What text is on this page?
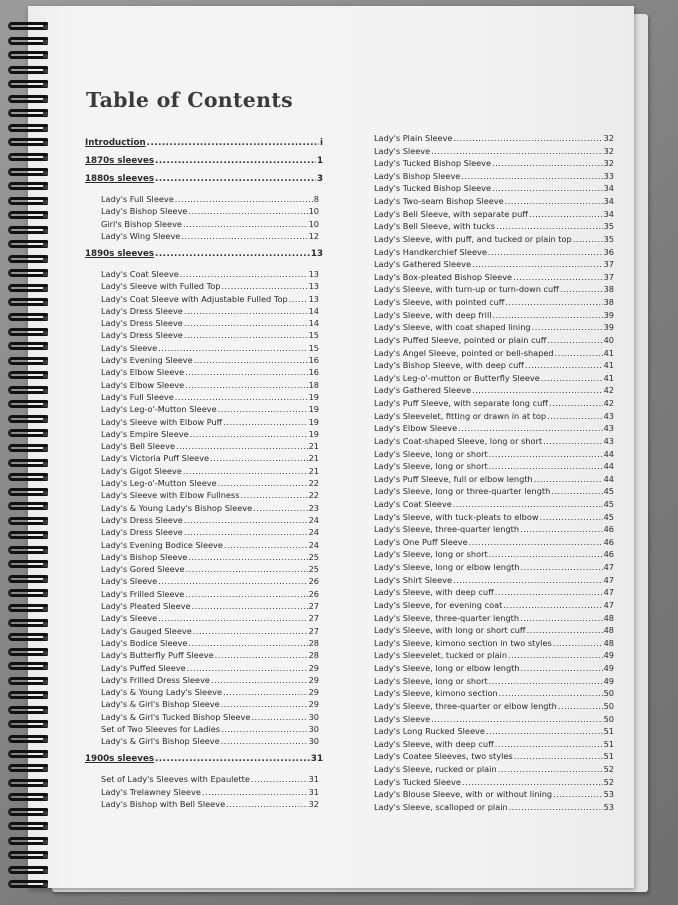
Table of Contents
Introduction .....	i
1870s sleeves .....	1
1880s sleeves .....	3
Lady's Full Sleeve .....	8
Lady's Bishop Sleeve .....	10
Girl's Bishop Sleeve .....	10
Lady's Wing Sleeve .....	12
1890s sleeves .....	13
Lady's Coat Sleeve .....	13
Lady's Sleeve with Fulled Top .....	13
Lady's Coat Sleeve with Adjustable Fulled Top .....	13
Lady's Dress Sleeve .....	14
Lady's Dress Sleeve .....	14
Lady's Dress Sleeve .....	15
Lady's Sleeve .....	15
Lady's Evening Sleeve .....	16
Lady's Elbow Sleeve .....	16
Lady's Elbow Sleeve .....	18
Lady's Full Sleeve .....	19
Lady's Leg-o'-Mutton Sleeve .....	19
Lady's Sleeve with Elbow Puff .....	19
Lady's Empire Sleeve .....	19
Lady's Bell Sleeve .....	21
Lady's Victoria Puff Sleeve .....	21
Lady's Gigot Sleeve .....	21
Lady's Leg-o'-Mutton Sleeve .....	22
Lady's Sleeve with Elbow Fullness .....	22
Lady's & Young Lady's Bishop Sleeve .....	23
Lady's Dress Sleeve .....	24
Lady's Dress Sleeve .....	24
Lady's Evening Bodice Sleeve .....	24
Lady's Bishop Sleeve .....	25
Lady's Gored Sleeve .....	25
Lady's Sleeve .....	26
Lady's Frilled Sleeve .....	26
Lady's Pleated Sleeve .....	27
Lady's Sleeve .....	27
Lady's Gauged Sleeve .....	27
Lady's Bodice Sleeve .....	28
Lady's Butterfly Puff Sleeve .....	28
Lady's Puffed Sleeve .....	29
Lady's Frilled Dress Sleeve .....	29
Lady's & Young Lady's Sleeve .....	29
Lady's & Girl's Bishop Sleeve .....	29
Lady's & Girl's Tucked Bishop Sleeve .....	30
Set of Two Sleeves for Ladies .....	30
Lady's & Girl's Bishop Sleeve .....	30
1900s sleeves .....	31
Set of Lady's Sleeves with Epaulette .....	31
Lady's Trelawney Sleeve .....	31
Lady's Bishop with Bell Sleeve .....	32
Lady's Plain Sleeve .....	32
Lady's Sleeve .....	32
Lady's Tucked Bishop Sleeve .....	32
Lady's Bishop Sleeve .....	33
Lady's Tucked Bishop Sleeve .....	34
Lady's Two-seam Bishop Sleeve .....	34
Lady's Bell Sleeve, with separate puff .....	34
Lady's Bell Sleeve, with tucks .....	35
Lady's Sleeve, with puff, and tucked or plain top .....	35
Lady's Handkerchief Sleeve .....	36
Lady's Gathered Sleeve .....	37
Lady's Box-pleated Bishop Sleeve .....	37
Lady's Sleeve, with turn-up or turn-down cuff .....	38
Lady's Sleeve, with pointed cuff .....	38
Lady's Sleeve, with deep frill .....	39
Lady's Sleeve, with coat shaped lining .....	39
Lady's Puffed Sleeve, pointed or plain cuff .....	40
Lady's Angel Sleeve, pointed or bell-shaped .....	41
Lady's Bishop Sleeve, with deep cuff .....	41
Lady's Leg-o'-mutton or Butterfly Sleeve .....	41
Lady's Gathered Sleeve .....	42
Lady's Puff Sleeve, with separate long cuff .....	42
Lady's Sleevelet, fitting or drawn in at top .....	43
Lady's Elbow Sleeve .....	43
Lady's Coat-shaped Sleeve, long or short .....	43
Lady's Sleeve, long or short .....	44
Lady's Sleeve, long or short .....	44
Lady's Puff Sleeve, full or elbow length .....	44
Lady's Sleeve, long or three-quarter length .....	45
Lady's Coat Sleeve .....	45
Lady's Sleeve, with tuck-pleats to elbow .....	45
Lady's Sleeve, three-quarter length .....	46
Lady's One Puff Sleeve .....	46
Lady's Sleeve, long or short .....	46
Lady's Sleeve, long or elbow length .....	47
Lady's Shirt Sleeve .....	47
Lady's Sleeve, with deep cuff .....	47
Lady's Sleeve, for evening coat .....	47
Lady's Sleeve, three-quarter length .....	48
Lady's Sleeve, with long or short cuff .....	48
Lady's Sleeve, kimono section in two styles .....	48
Lady's Sleevelet, tucked or plain .....	49
Lady's Sleeve, long or elbow length .....	49
Lady's Sleeve, long or short .....	49
Lady's Sleeve, kimono section .....	50
Lady's Sleeve, three-quarter or elbow length .....	50
Lady's Sleeve .....	50
Lady's Long Rucked Sleeve .....	51
Lady's Sleeve, with deep cuff .....	51
Lady's Coatee Sleeves, two styles .....	51
Lady's Sleeve, rucked or plain .....	52
Lady's Tucked Sleeve .....	52
Lady's Blouse Sleeve, with or without lining .....	53
Lady's Sleeve, scalloped or plain .....	53
